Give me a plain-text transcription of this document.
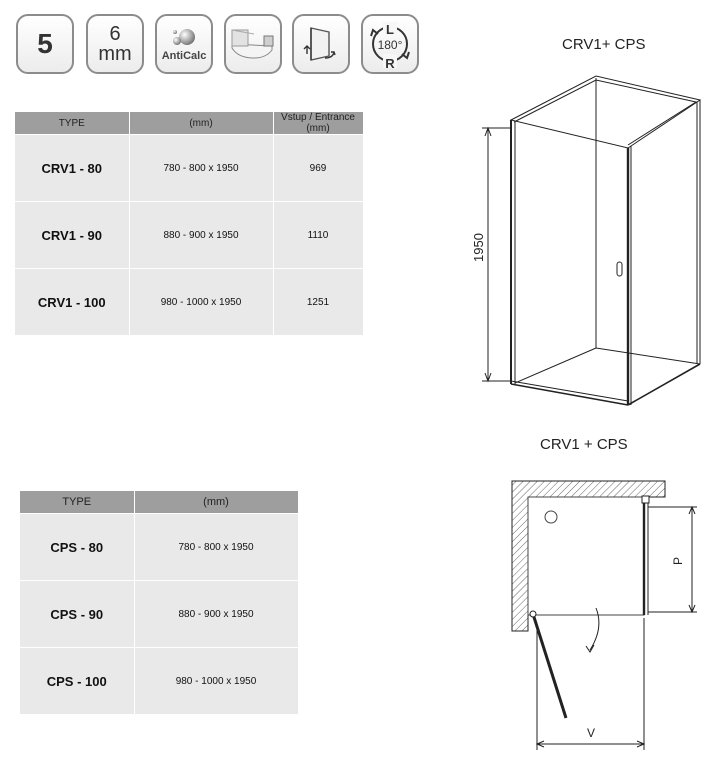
5	6
mm	AntiCalc
L
180°
R
TYPE	(mm)	Vstup / Entrance (mm)
CRV1 - 80	780 - 800 x 1950	969
CRV1 - 90	880 - 900 x 1950	1110
CRV1 - 100	980 - 1000 x 1950	1251
TYPE	(mm)
CPS - 80	780 - 800 x 1950
CPS - 90	880 - 900 x 1950
CPS - 100	980 - 1000 x 1950
CRV1+ CPS
CRV1 + CPS
1950
P
V
